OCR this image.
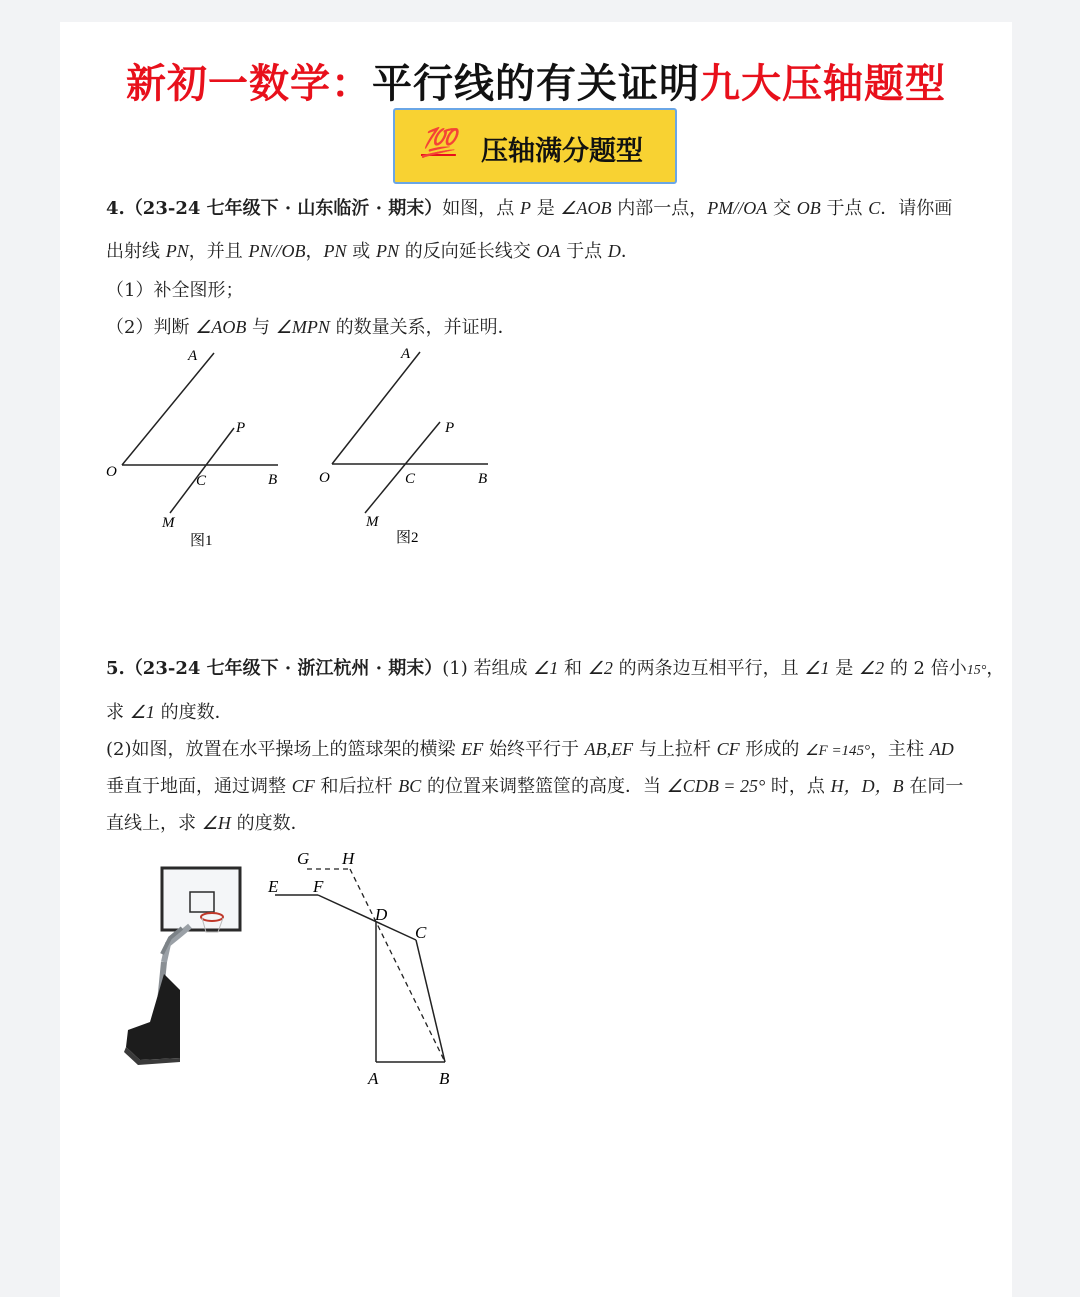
新初一数学：平行线的有关证明九大压轴题型
💯 压轴满分题型
4.（23-24 七年级下 · 山东临沂 · 期末）如图，点 P 是 ∠AOB 内部一点，PM//OA 交 OB 于点 C．请你画
出射线 PN，并且 PN//OB，PN 或 PN 的反向延长线交 OA 于点 D．
（1）补全图形；
（2）判断 ∠AOB 与 ∠MPN 的数量关系，并证明．
A
P
O
C	B
M
图1
A
P
O	C	B
M
图2
5.（23-24 七年级下 · 浙江杭州 · 期末）(1) 若组成 ∠1 和 ∠2 的两条边互相平行，且 ∠1 是 ∠2 的 2 倍小15°，
求 ∠1 的度数．
(2)如图，放置在水平操场上的篮球架的横梁 EF 始终平行于 AB,EF 与上拉杆 CF 形成的 ∠F =145°，主柱 AD
垂直于地面，通过调整 CF 和后拉杆 BC 的位置来调整篮筐的高度．当 ∠CDB = 25° 时，点 H，D，B 在同一
直线上，求 ∠H 的度数．
G H
E F
D
C
A	B
